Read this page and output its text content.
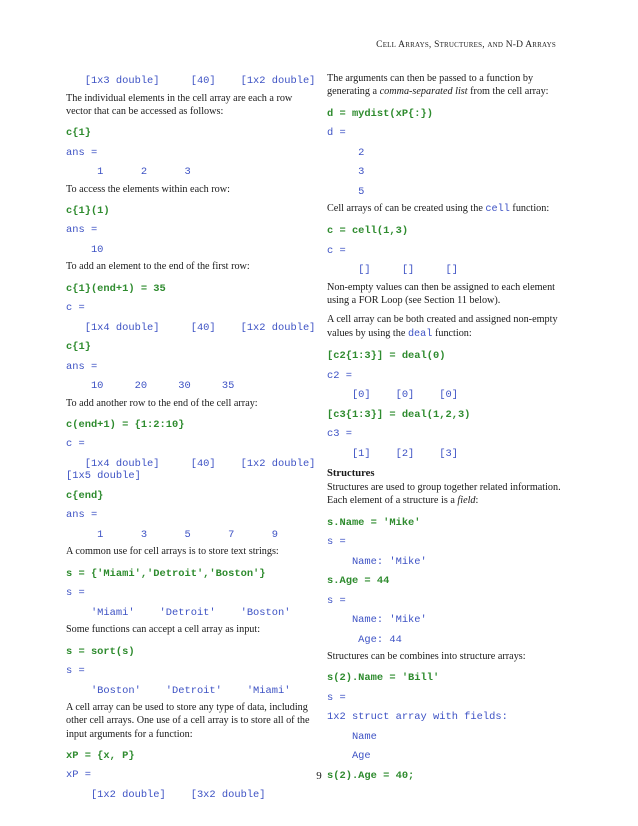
Cell Arrays, Structures, and N-D Arrays
[1x3 double]     [40]    [1x2 double]
The individual elements in the cell array are each a row vector that can be accessed as follows:
c{1}
ans =
1      2      3
To access the elements within each row:
c{1}(1)
ans =
10
To add an element to the end of the first row:
c{1}(end+1) = 35
c =
[1x4 double]     [40]    [1x2 double]
c{1}
ans =
10     20     30     35
To add another row to the end of the cell array:
c(end+1) = {1:2:10}
c =
[1x4 double]     [40]    [1x2 double]
[1x5 double]
c{end}
ans =
1      3      5      7      9
A common use for cell arrays is to store text strings:
s = {'Miami','Detroit','Boston'}
s =
'Miami'    'Detroit'    'Boston'
Some functions can accept a cell array as input:
s = sort(s)
s =
'Boston'    'Detroit'    'Miami'
A cell array can be used to store any type of data, including other cell arrays. One use of a cell array is to store all of the input arguments for a function:
xP = {x, P}
xP =
[1x2 double]    [3x2 double]
The arguments can then be passed to a function by generating a comma-separated list from the cell array:
d = mydist(xP{:})
d =
2
3
5
Cell arrays of can be created using the cell function:
c = cell(1,3)
c =
[]     []     []
Non-empty values can then be assigned to each element using a FOR Loop (see Section 11 below).
A cell array can be both created and assigned non-empty values by using the deal function:
[c2{1:3}] = deal(0)
c2 =
[0]    [0]    [0]
[c3{1:3}] = deal(1,2,3)
c3 =
[1]    [2]    [3]
Structures
Structures are used to group together related information. Each element of a structure is a field:
s.Name = 'Mike'
s =
Name: 'Mike'
s.Age = 44
s =
Name: 'Mike'
Age: 44
Structures can be combines into structure arrays:
s(2).Name = 'Bill'
s =
1x2 struct array with fields:
Name
Age
s(2).Age = 40;
9
